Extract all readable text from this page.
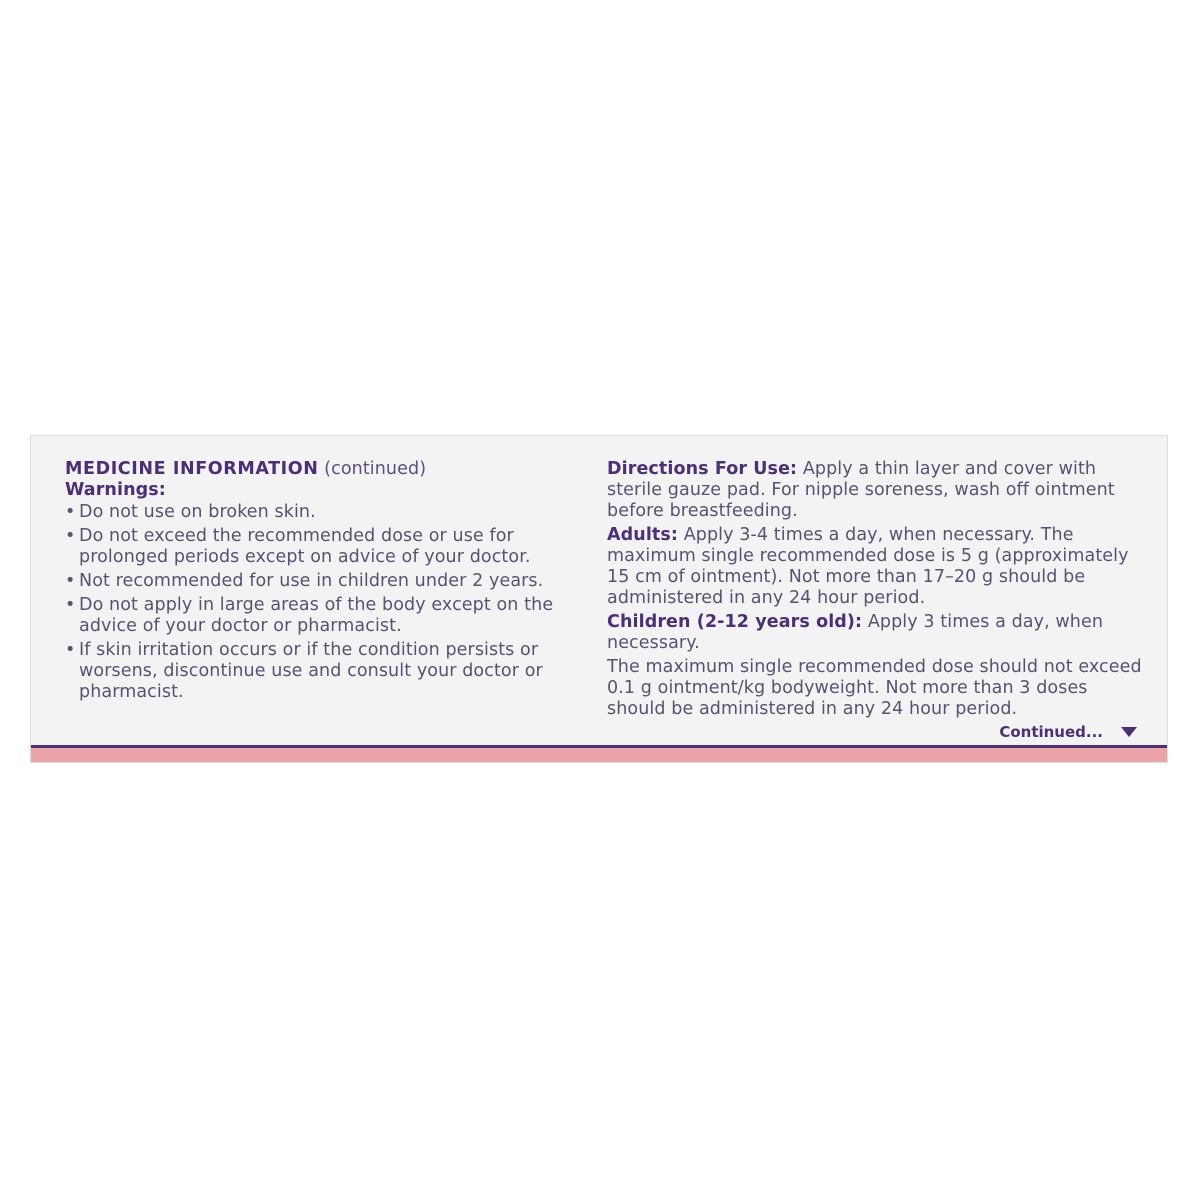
MEDICINE INFORMATION (continued)
Warnings:
• Do not use on broken skin.
• Do not exceed the recommended dose or use for prolonged periods except on advice of your doctor.
• Not recommended for use in children under 2 years.
• Do not apply in large areas of the body except on the advice of your doctor or pharmacist.
• If skin irritation occurs or if the condition persists or worsens, discontinue use and consult your doctor or pharmacist.

Directions For Use: Apply a thin layer and cover with sterile gauze pad. For nipple soreness, wash off ointment before breastfeeding.

Adults: Apply 3-4 times a day, when necessary. The maximum single recommended dose is 5 g (approximately 15 cm of ointment). Not more than 17–20 g should be administered in any 24 hour period.

Children (2-12 years old): Apply 3 times a day, when necessary.

The maximum single recommended dose should not exceed 0.1 g ointment/kg bodyweight. Not more than 3 doses should be administered in any 24 hour period.

Continued...
